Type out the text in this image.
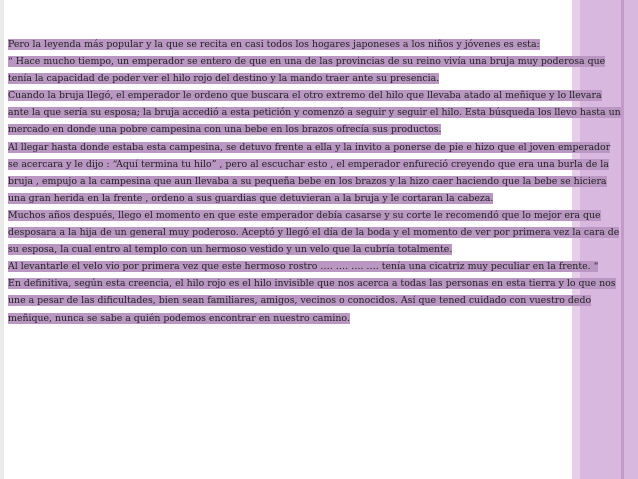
Pero la leyenda más popular y la que se recita en casi todos los hogares japoneses a los niños y jóvenes es esta:

“ Hace mucho tiempo, un emperador se entero de que en una de las provincias de su reino vivía una bruja muy poderosa que tenía la capacidad de poder ver el hilo rojo del destino y la mando traer ante su presencia.

Cuando la bruja llegó, el emperador le ordeno que buscara el otro extremo del hilo que llevaba atado al meñique y lo llevara ante la que sería su esposa; la bruja accedió a esta petición y comenzó a seguir y seguir el hilo. Esta búsqueda los llevo hasta un mercado en donde una pobre campesina con una bebe en los brazos ofrecía sus productos.

Al llegar hasta donde estaba esta campesina, se detuvo frente a ella y la invito a ponerse de pie e hizo que el joven emperador se acercara y le dijo : “Aquí termina tu hilo” , pero al escuchar esto , el emperador enfureció creyendo que era una burla de la bruja , empujo a la campesina que aun llevaba a su pequeña bebe en los brazos y la hizo caer haciendo que la bebe se hiciera una gran herida en la frente , ordeno a sus guardias que detuvieran a la bruja y le cortaran la cabeza.

Muchos años después, llego el momento en que este emperador debía casarse y su corte le recomendó que lo mejor era que desposara a la hija de un general muy poderoso. Aceptó y llegó el día de la boda y el momento de ver por primera vez la cara de su esposa, la cual entro al templo con un hermoso vestido y un velo que la cubría totalmente.

Al levantarle el velo vio por primera vez que este hermoso rostro …. …. …. …. tenía una cicatriz muy peculiar en la frente. “

En definitiva, según esta creencia, el hilo rojo es el hilo invisible que nos acerca a todas las personas en esta tierra y lo que nos une a pesar de las dificultades, bien sean familiares, amigos, vecinos o conocidos. Así que tened cuidado con vuestro dedo meñique, nunca se sabe a quién podemos encontrar en nuestro camino.
